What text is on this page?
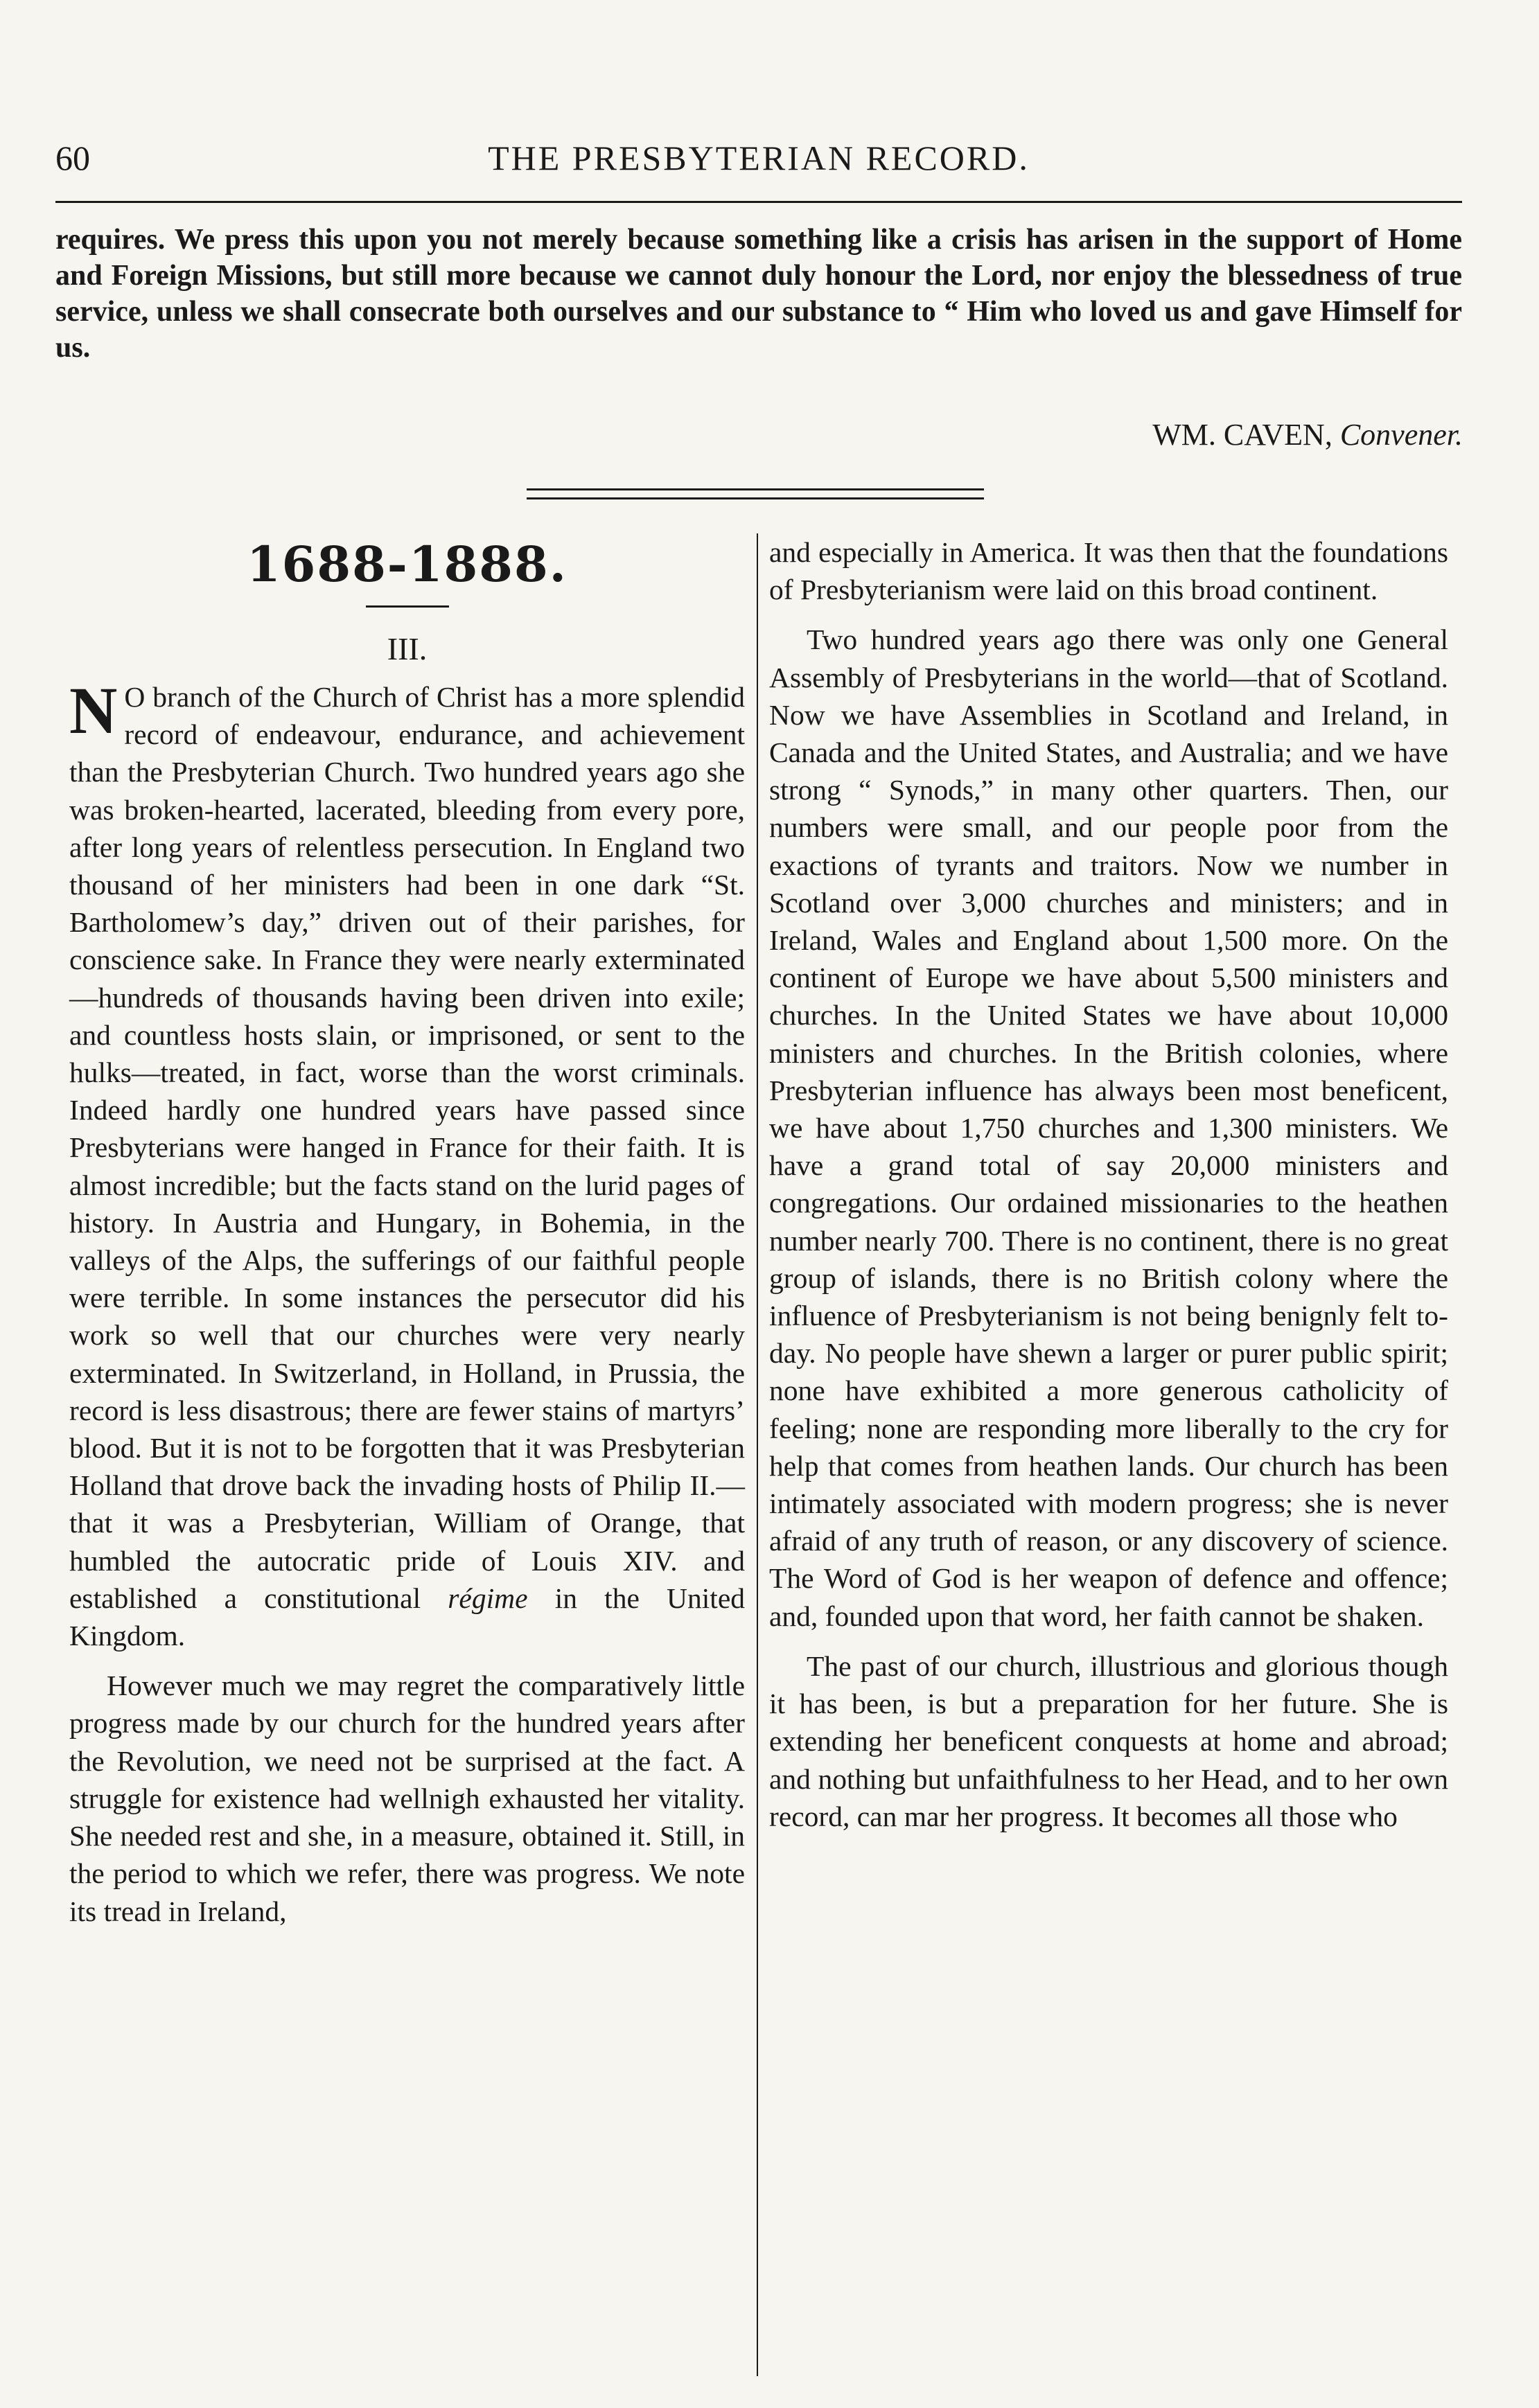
60	THE PRESBYTERIAN RECORD.
requires. We press this upon you not merely because something like a crisis has arisen in the support of Home and Foreign Missions, but still more because we cannot duly honour the Lord, nor enjoy the blessedness of true service, unless we shall consecrate both ourselves and our substance to “ Him who loved us and gave Himself for us.
WM. CAVEN, Convener.
1688-1888.
III.

N O branch of the Church of Christ has a more splendid record of endeavour, endurance, and achievement than the Presbyterian Church. Two hundred years ago she was broken-hearted, lacerated, bleeding from every pore, after long years of relentless persecution. In England two thousand of her ministers had been in one dark “St. Bartholomew’s day,” driven out of their parishes, for conscience sake. In France they were nearly exterminated—hundreds of thousands having been driven into exile; and countless hosts slain, or imprisoned, or sent to the hulks—treated, in fact, worse than the worst criminals. Indeed hardly one hundred years have passed since Presbyterians were hanged in France for their faith. It is almost incredible; but the facts stand on the lurid pages of history. In Austria and Hungary, in Bohemia, in the valleys of the Alps, the sufferings of our faithful people were terrible. In some instances the persecutor did his work so well that our churches were very nearly exterminated. In Switzerland, in Holland, in Prussia, the record is less disastrous; there are fewer stains of martyrs’ blood. But it is not to be forgotten that it was Presbyterian Holland that drove back the invading hosts of Philip II.—that it was a Presbyterian, William of Orange, that humbled the autocratic pride of Louis XIV. and established a constitutional régime in the United Kingdom.

However much we may regret the comparatively little progress made by our church for the hundred years after the Revolution, we need not be surprised at the fact. A struggle for existence had wellnigh exhausted her vitality. She needed rest and she, in a measure, obtained it. Still, in the period to which we refer, there was progress. We note its tread in Ireland,

and especially in America. It was then that the foundations of Presbyterianism were laid on this broad continent.

Two hundred years ago there was only one General Assembly of Presbyterians in the world—that of Scotland. Now we have Assemblies in Scotland and Ireland, in Canada and the United States, and Australia; and we have strong “ Synods,” in many other quarters. Then, our numbers were small, and our people poor from the exactions of tyrants and traitors. Now we number in Scotland over 3,000 churches and ministers; and in Ireland, Wales and England about 1,500 more. On the continent of Europe we have about 5,500 ministers and churches. In the United States we have about 10,000 ministers and churches. In the British colonies, where Presbyterian influence has always been most beneficent, we have about 1,750 churches and 1,300 ministers. We have a grand total of say 20,000 ministers and congregations. Our ordained missionaries to the heathen number nearly 700. There is no continent, there is no great group of islands, there is no British colony where the influence of Presbyterianism is not being benignly felt to-day. No people have shewn a larger or purer public spirit; none have exhibited a more generous catholicity of feeling; none are responding more liberally to the cry for help that comes from heathen lands. Our church has been intimately associated with modern progress; she is never afraid of any truth of reason, or any discovery of science. The Word of God is her weapon of defence and offence; and, founded upon that word, her faith cannot be shaken.

The past of our church, illustrious and glorious though it has been, is but a preparation for her future. She is extending her beneficent conquests at home and abroad; and nothing but unfaithfulness to her Head, and to her own record, can mar her progress. It becomes all those who
